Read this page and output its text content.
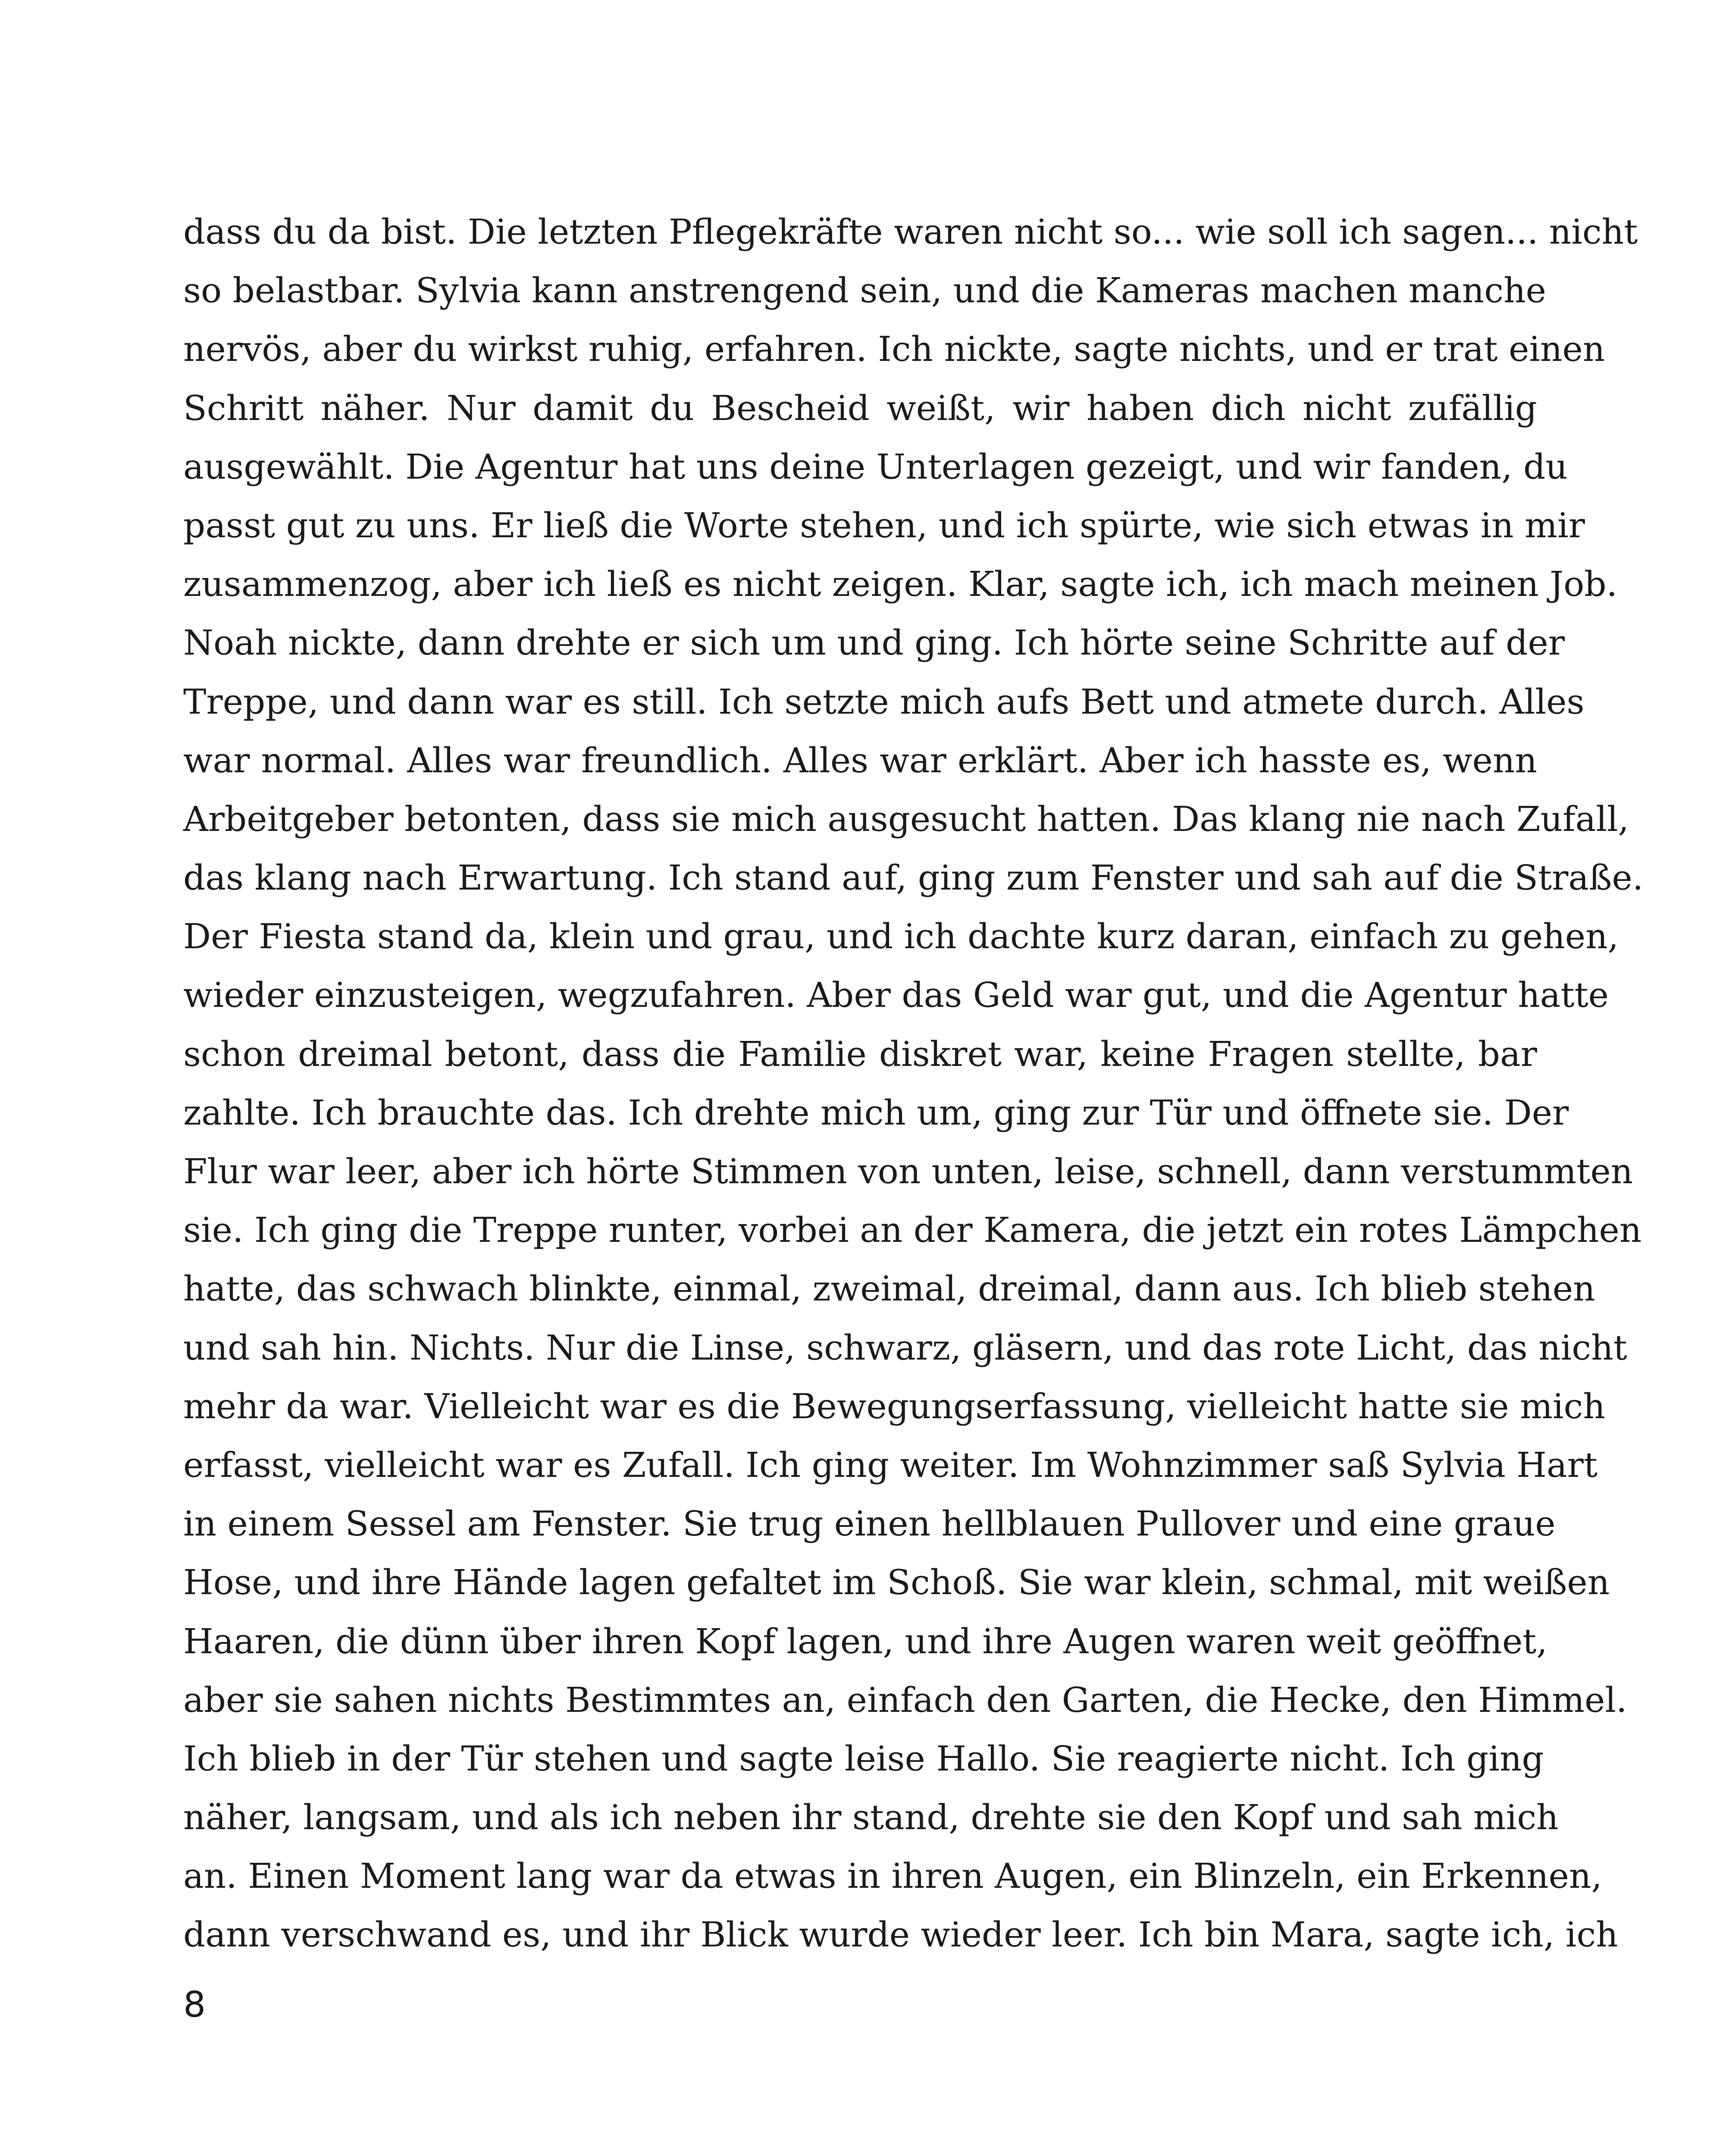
dass du da bist. Die letzten Pflegekräfte waren nicht so... wie soll ich sagen... nicht
so belastbar. Sylvia kann anstrengend sein, und die Kameras machen manche
nervös, aber du wirkst ruhig, erfahren. Ich nickte, sagte nichts, und er trat einen
Schritt näher. Nur damit du Bescheid weißt, wir haben dich nicht zufällig
ausgewählt. Die Agentur hat uns deine Unterlagen gezeigt, und wir fanden, du
passt gut zu uns. Er ließ die Worte stehen, und ich spürte, wie sich etwas in mir
zusammenzog, aber ich ließ es nicht zeigen. Klar, sagte ich, ich mach meinen Job.
Noah nickte, dann drehte er sich um und ging. Ich hörte seine Schritte auf der
Treppe, und dann war es still. Ich setzte mich aufs Bett und atmete durch. Alles
war normal. Alles war freundlich. Alles war erklärt. Aber ich hasste es, wenn
Arbeitgeber betonten, dass sie mich ausgesucht hatten. Das klang nie nach Zufall,
das klang nach Erwartung. Ich stand auf, ging zum Fenster und sah auf die Straße.
Der Fiesta stand da, klein und grau, und ich dachte kurz daran, einfach zu gehen,
wieder einzusteigen, wegzufahren. Aber das Geld war gut, und die Agentur hatte
schon dreimal betont, dass die Familie diskret war, keine Fragen stellte, bar
zahlte. Ich brauchte das. Ich drehte mich um, ging zur Tür und öffnete sie. Der
Flur war leer, aber ich hörte Stimmen von unten, leise, schnell, dann verstummten
sie. Ich ging die Treppe runter, vorbei an der Kamera, die jetzt ein rotes Lämpchen
hatte, das schwach blinkte, einmal, zweimal, dreimal, dann aus. Ich blieb stehen
und sah hin. Nichts. Nur die Linse, schwarz, gläsern, und das rote Licht, das nicht
mehr da war. Vielleicht war es die Bewegungserfassung, vielleicht hatte sie mich
erfasst, vielleicht war es Zufall. Ich ging weiter. Im Wohnzimmer saß Sylvia Hart
in einem Sessel am Fenster. Sie trug einen hellblauen Pullover und eine graue
Hose, und ihre Hände lagen gefaltet im Schoß. Sie war klein, schmal, mit weißen
Haaren, die dünn über ihren Kopf lagen, und ihre Augen waren weit geöffnet,
aber sie sahen nichts Bestimmtes an, einfach den Garten, die Hecke, den Himmel.
Ich blieb in der Tür stehen und sagte leise Hallo. Sie reagierte nicht. Ich ging
näher, langsam, und als ich neben ihr stand, drehte sie den Kopf und sah mich
an. Einen Moment lang war da etwas in ihren Augen, ein Blinzeln, ein Erkennen,
dann verschwand es, und ihr Blick wurde wieder leer. Ich bin Mara, sagte ich, ich
8
